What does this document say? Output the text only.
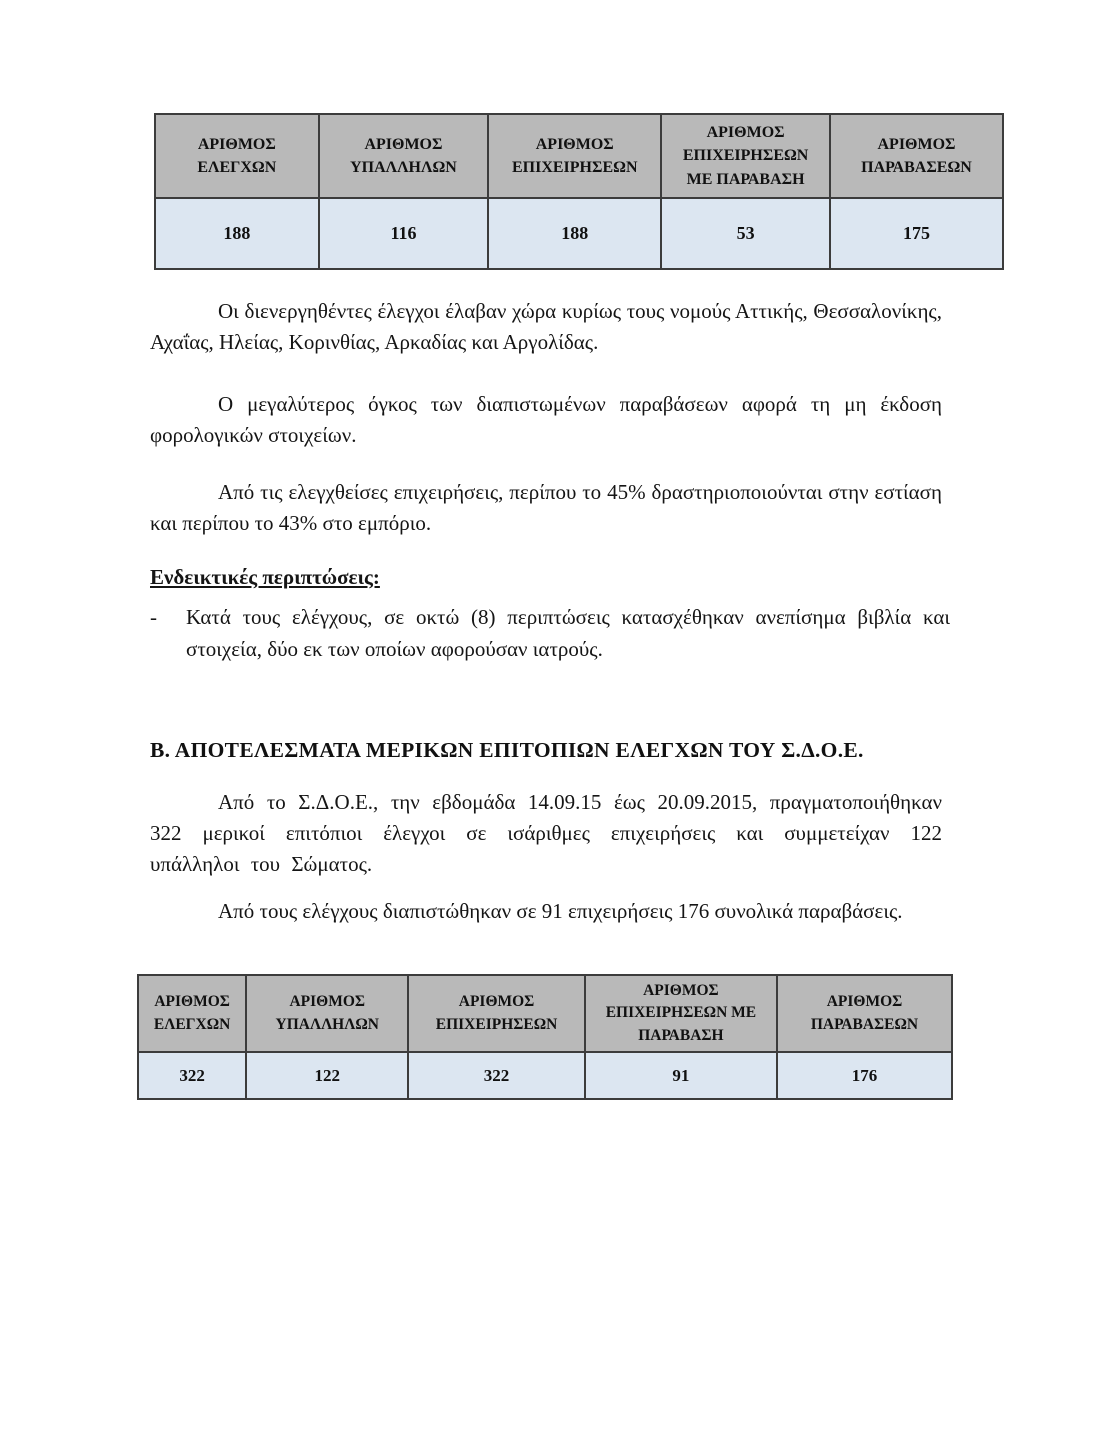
ΑΡΙΘΜΟΣ ΕΛΕΓΧΩΝ	ΑΡΙΘΜΟΣ ΥΠΑΛΛΗΛΩΝ	ΑΡΙΘΜΟΣ ΕΠΙΧΕΙΡΗΣΕΩΝ	ΑΡΙΘΜΟΣ ΕΠΙΧΕΙΡΗΣΕΩΝ ΜΕ ΠΑΡΑΒΑΣΗ	ΑΡΙΘΜΟΣ ΠΑΡΑΒΑΣΕΩΝ
188	116	188	53	175

Οι διενεργηθέντες έλεγχοι έλαβαν χώρα κυρίως τους νομούς Αττικής, Θεσσαλονίκης, Αχαΐας, Ηλείας, Κορινθίας, Αρκαδίας και Αργολίδας.

Ο μεγαλύτερος όγκος των διαπιστωμένων παραβάσεων αφορά τη μη έκδοση φορολογικών στοιχείων.

Από τις ελεγχθείσες επιχειρήσεις, περίπου το 45% δραστηριοποιούνται στην εστίαση και περίπου το 43% στο εμπόριο.

Ενδεικτικές περιπτώσεις:
-	Κατά τους ελέγχους, σε οκτώ (8) περιπτώσεις κατασχέθηκαν ανεπίσημα βιβλία και στοιχεία, δύο εκ των οποίων αφορούσαν ιατρούς.
Β. ΑΠΟΤΕΛΕΣΜΑΤΑ ΜΕΡΙΚΩΝ ΕΠΙΤΟΠΙΩΝ ΕΛΕΓΧΩΝ ΤΟΥ Σ.Δ.Ο.Ε.

Από το Σ.Δ.Ο.Ε., την εβδομάδα 14.09.15 έως 20.09.2015, πραγματοποιήθηκαν 322 μερικοί επιτόπιοι έλεγχοι σε ισάριθμες επιχειρήσεις και συμμετείχαν 122 υπάλληλοι του Σώματος.

Από τους ελέγχους διαπιστώθηκαν σε 91 επιχειρήσεις 176 συνολικά παραβάσεις.

ΑΡΙΘΜΟΣ ΕΛΕΓΧΩΝ	ΑΡΙΘΜΟΣ ΥΠΑΛΛΗΛΩΝ	ΑΡΙΘΜΟΣ ΕΠΙΧΕΙΡΗΣΕΩΝ	ΑΡΙΘΜΟΣ ΕΠΙΧΕΙΡΗΣΕΩΝ ΜΕ ΠΑΡΑΒΑΣΗ	ΑΡΙΘΜΟΣ ΠΑΡΑΒΑΣΕΩΝ
322	122	322	91	176
